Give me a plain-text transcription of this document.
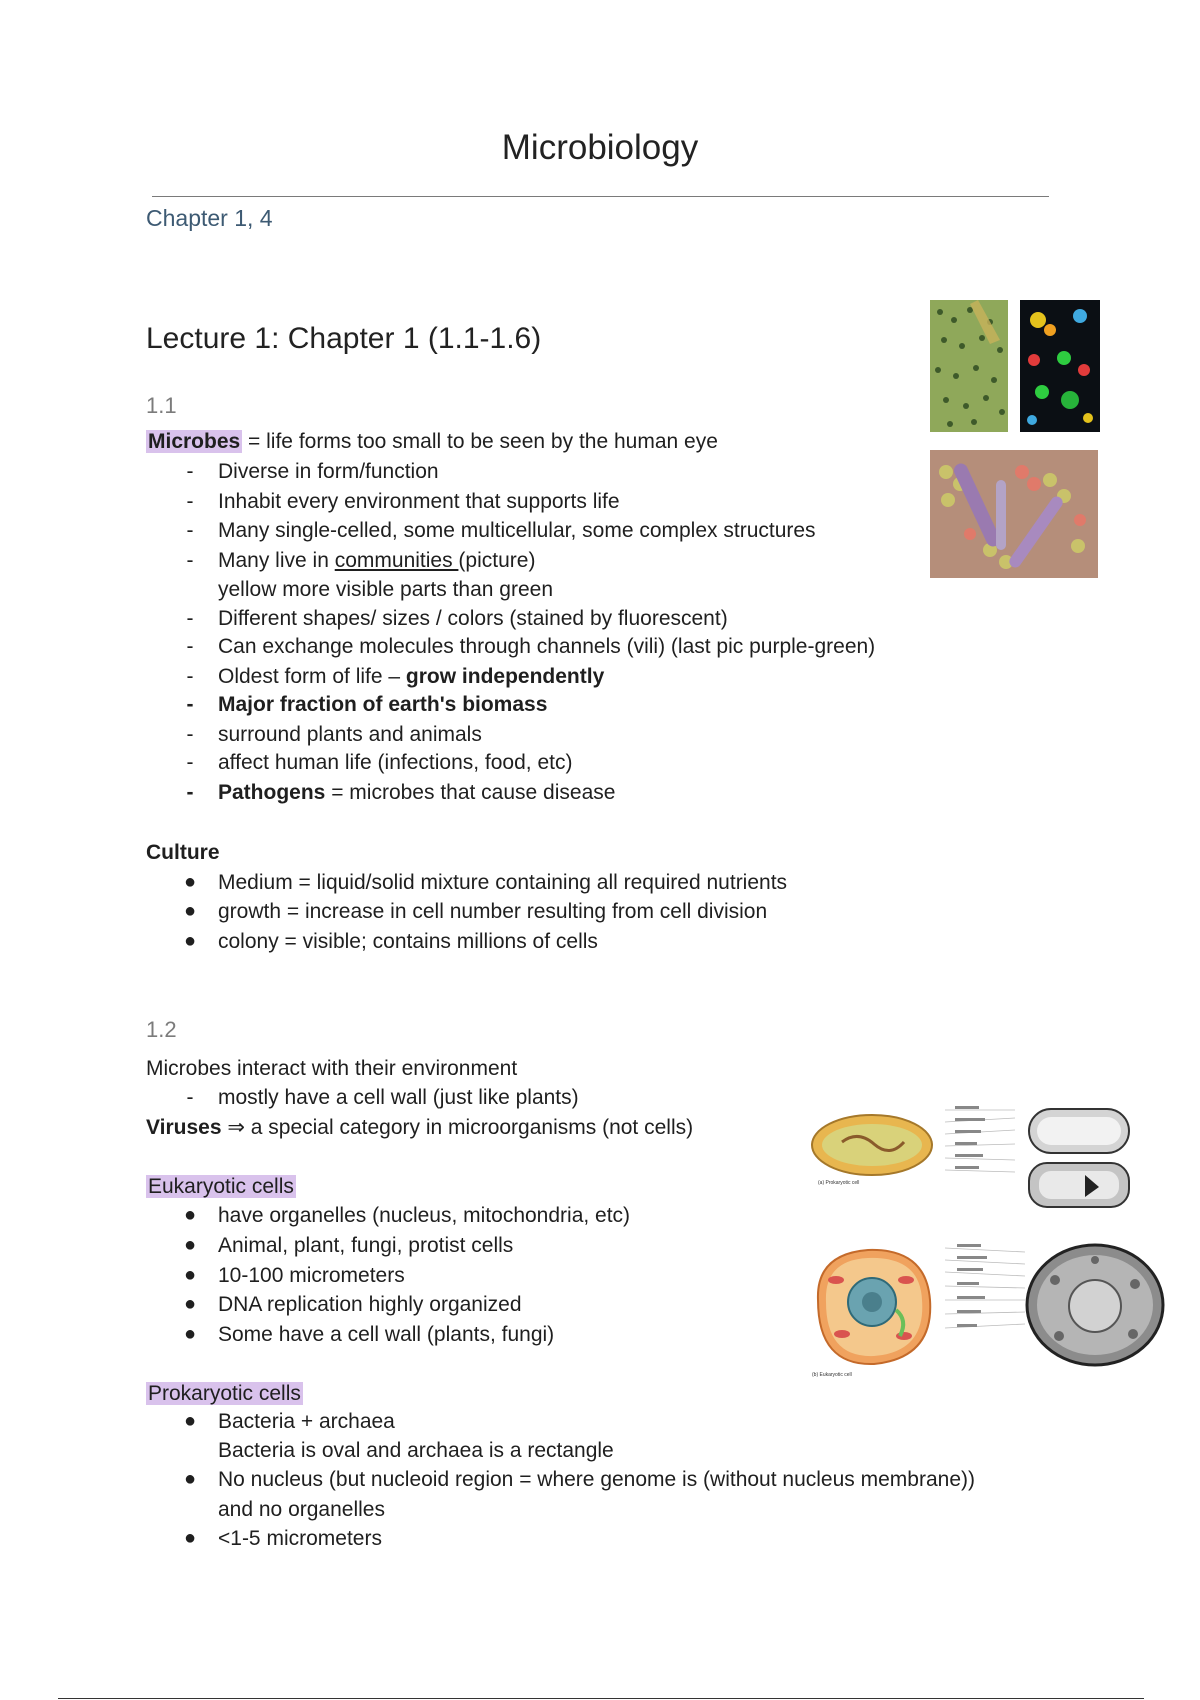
Microbiology
Chapter 1, 4
Lecture 1: Chapter 1 (1.1-1.6)
1.1
Microbes = life forms too small to be seen by the human eye
-	Diverse in form/function
-	Inhabit every environment that supports life
-	Many single-celled, some multicellular, some complex structures
-	Many live in communities (picture)
yellow more visible parts than green
-	Different shapes/ sizes / colors (stained by fluorescent)
-	Can exchange molecules through channels (vili) (last pic purple-green)
-	Oldest form of life – grow independently
-	Major fraction of earth's biomass
-	surround plants and animals
-	affect human life (infections, food, etc)
-	Pathogens = microbes that cause disease
Culture
● Medium = liquid/solid mixture containing all required nutrients
● growth = increase in cell number resulting from cell division
● colony = visible; contains millions of cells
1.2
Microbes interact with their environment
-	mostly have a cell wall (just like plants)
Viruses ⇒ a special category in microorganisms (not cells)
Eukaryotic cells
● have organelles (nucleus, mitochondria, etc)
● Animal, plant, fungi, protist cells
● 10-100 micrometers
● DNA replication highly organized
● Some have a cell wall (plants, fungi)
Prokaryotic cells
● Bacteria + archaea
Bacteria is oval and archaea is a rectangle
● No nucleus (but nucleoid region = where genome is (without nucleus membrane))
and no organelles
● <1-5 micrometers
(a) Prokaryotic cell
(b) Eukaryotic cell
